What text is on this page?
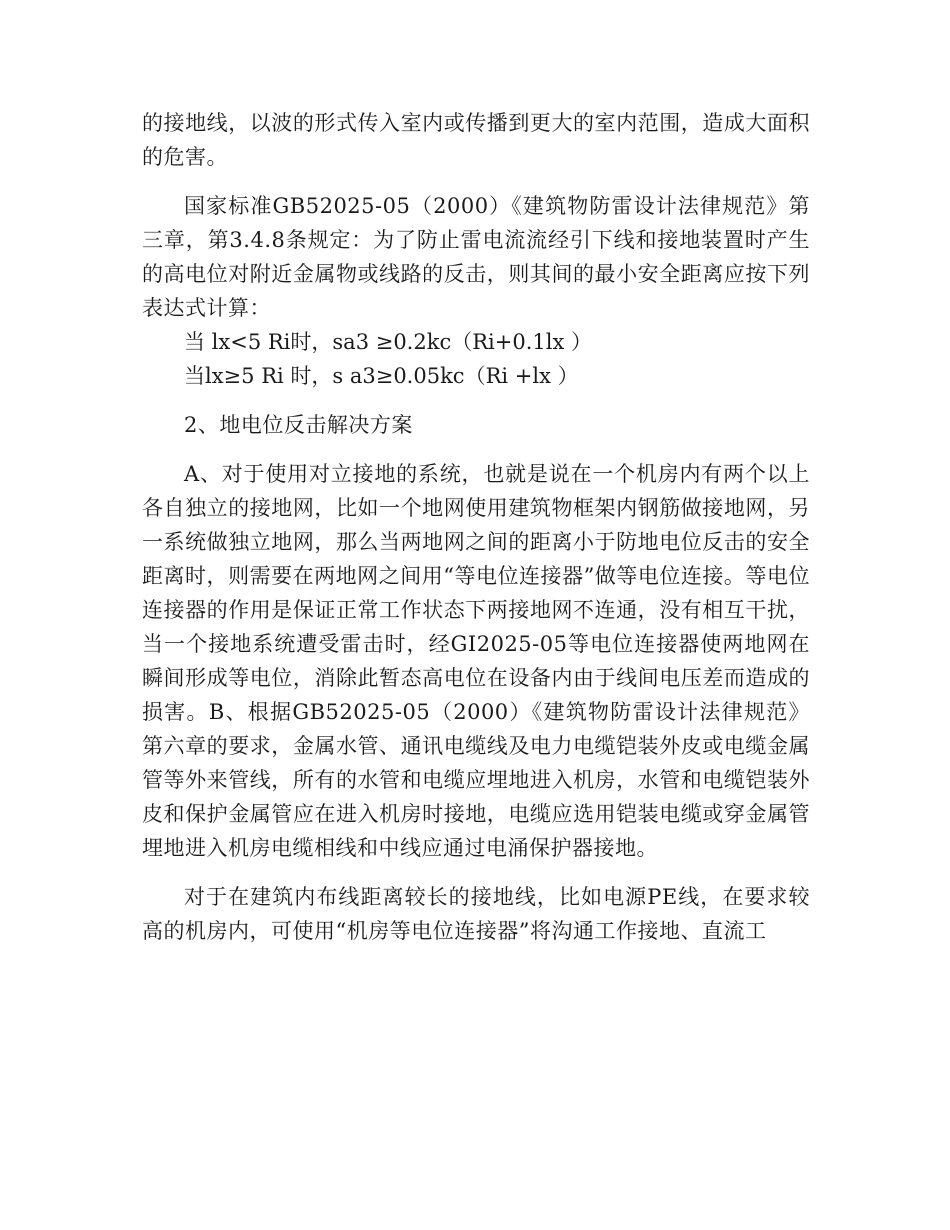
的接地线，以波的形式传入室内或传播到更大的室内范围，造成大面积的危害。

国家标准GB52025-05（2000）《建筑物防雷设计法律规范》第三章，第3.4.8条规定：为了防止雷电流流经引下线和接地装置时产生的高电位对附近金属物或线路的反击，则其间的最小安全距离应按下列表达式计算：

当 lx<5 Ri时，sa3 ≥0.2kc（Ri+0.1lx ）

当lx≥5 Ri 时，s a3≥0.05kc（Ri +lx ）

2、地电位反击解决方案

A、对于使用对立接地的系统，也就是说在一个机房内有两个以上各自独立的接地网，比如一个地网使用建筑物框架内钢筋做接地网，另一系统做独立地网，那么当两地网之间的距离小于防地电位反击的安全距离时，则需要在两地网之间用“等电位连接器”做等电位连接。等电位连接器的作用是保证正常工作状态下两接地网不连通，没有相互干扰，当一个接地系统遭受雷击时，经GI2025-05等电位连接器使两地网在瞬间形成等电位，消除此暂态高电位在设备内由于线间电压差而造成的损害。B、根据GB52025-05（2000）《建筑物防雷设计法律规范》第六章的要求，金属水管、通讯电缆线及电力电缆铠装外皮或电缆金属管等外来管线，所有的水管和电缆应埋地进入机房，水管和电缆铠装外皮和保护金属管应在进入机房时接地，电缆应选用铠装电缆或穿金属管埋地进入机房电缆相线和中线应通过电涌保护器接地。

对于在建筑内布线距离较长的接地线，比如电源PE线，在要求较高的机房内，可使用“机房等电位连接器”将沟通工作接地、直流工
